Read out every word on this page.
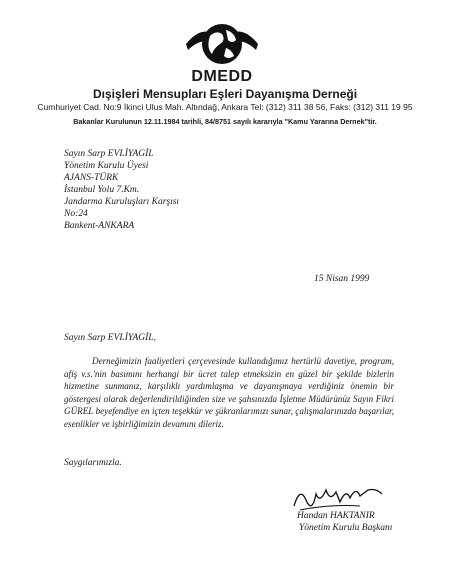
DMEDD
Dışişleri Mensupları Eşleri Dayanışma Derneği
Cumhuriyet Cad. No:9 İkinci Ulus Mah. Altındağ, Ankara Tel: (312) 311 38 56, Faks: (312) 311 19 95
Bakanlar Kurulunun 12.11.1984 tarihli, 84/8751 sayılı kararıyla "Kamu Yararına Dernek"tir.
Sayın Sarp EVLİYAGİL
Yönetim Kurulu Üyesi
AJANS-TÜRK
İstanbul Yolu 7.Km.
Jandarma Kuruluşları Karşısı
No:24
Bankent-ANKARA
15 Nisan 1999
Sayın Sarp EVLİYAGİL,
Derneğimizin faaliyetleri çerçevesinde kullandığımız hertürlü davetiye, program, afiş v.s.'nin basımını herhangi bir ücret talep etmeksizin en güzel bir şekilde bizlerin hizmetine sunmanız, karşılıklı yardımlaşma ve dayanışmaya verdiğiniz önemin bir göstergesi olarak değerlendirildiğinden size ve şahsınızda İşletme Müdürünüz Sayın Fikri GÜREL beyefendiye en içten teşekkür ve şükranlarımızı sunar, çalışmalarınızda başarılar, esenlikler ve işbirliğimizin devamını dileriz.
Saygılarımızla.
Handan HAKTANIR
Yönetim Kurulu Başkanı
